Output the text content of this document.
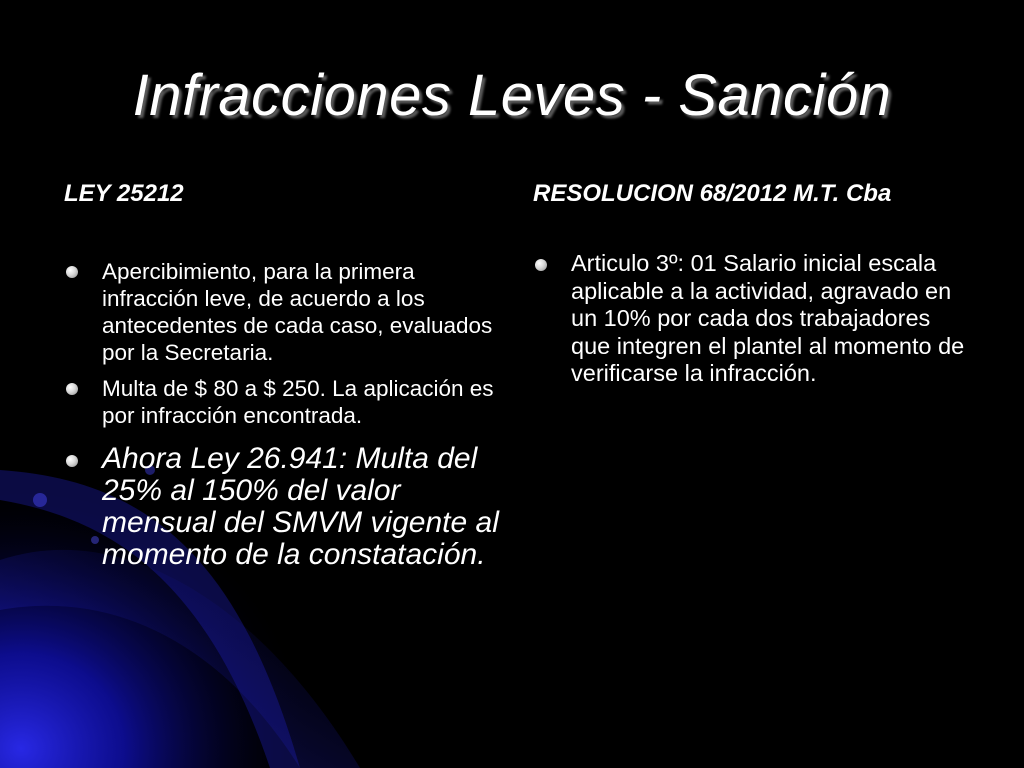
Infracciones Leves - Sanción
LEY 25212	RESOLUCION 68/2012 M.T. Cba
Apercibimiento, para la primera infracción leve, de acuerdo a los antecedentes de cada caso, evaluados por la Secretaria.
Multa de $ 80 a $ 250. La aplicación es por infracción encontrada.
Ahora Ley 26.941: Multa del 25% al 150% del valor mensual del SMVM vigente al momento de la constatación.
Articulo 3º: 01 Salario inicial escala aplicable a la actividad, agravado en un 10% por cada dos trabajadores que integren el plantel al momento de verificarse la infracción.
